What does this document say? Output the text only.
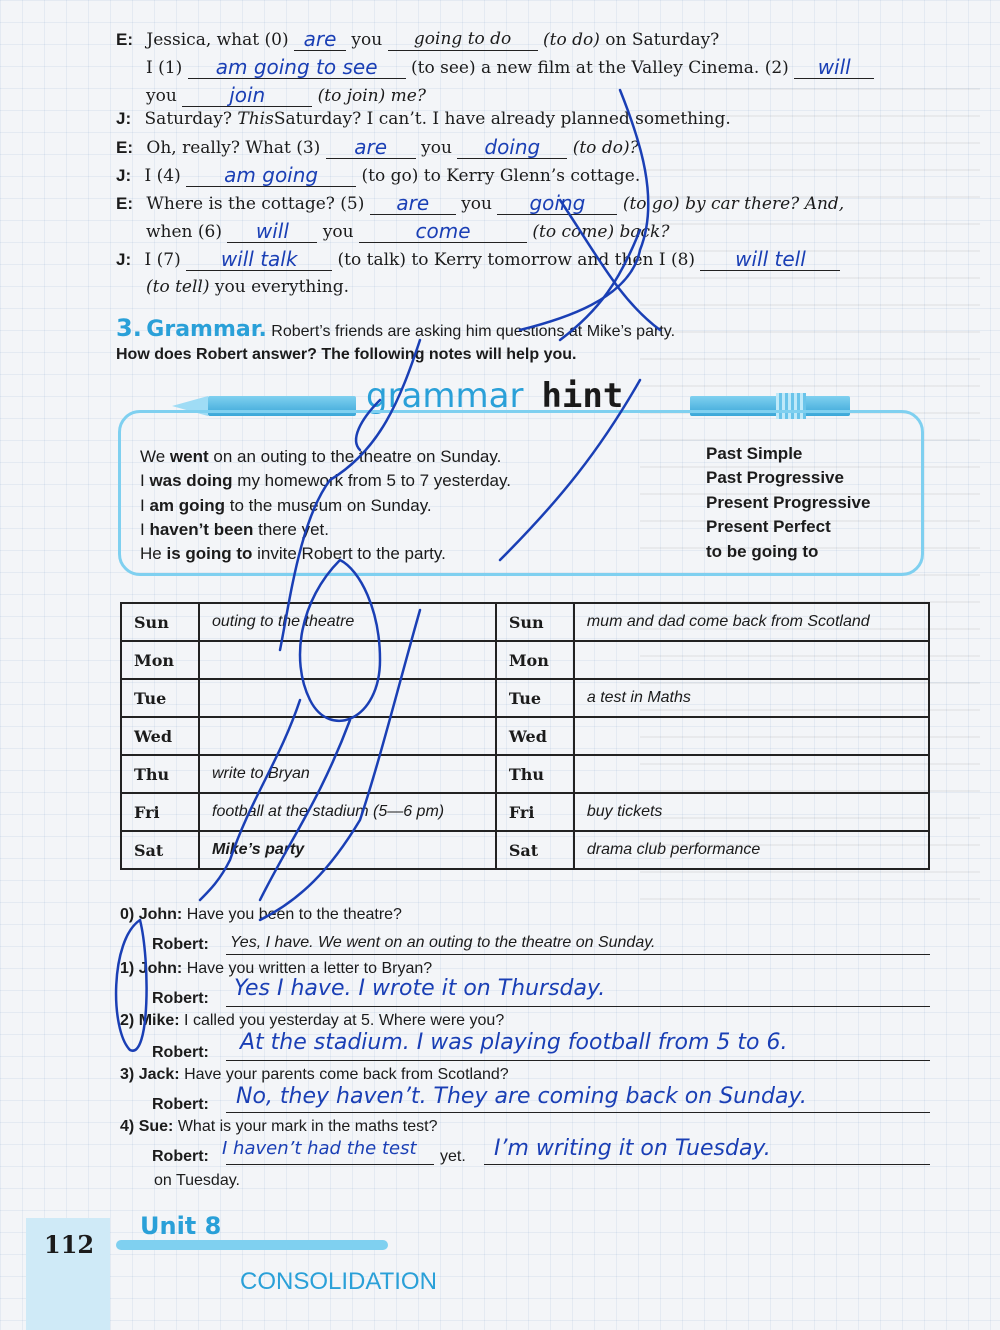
E: Jessica, what (0) are you going to do (to do) on Saturday?
I (1) am going to see (to see) a new film at the Valley Cinema. (2) will
you	join	(to join) me?
J: Saturday? ThisSaturday? I can’t. I have already planned something.
E: Oh, really? What (3) are you doing (to do)?
J: I (4) am going	(to go) to Kerry Glenn’s cottage.
E: Where is the cottage? (5) are you going (to go) by car there? And,
when (6) will you	come	(to come) back?
J: I (7) will talk (to talk) to Kerry tomorrow and then I (8) will tell
(to tell) you everything.
3. Grammar. Robert’s friends are asking him questions at Mike’s party.
How does Robert answer? The following notes will help you.
grammar hint
We went on an outing to the theatre on Sunday.
I was doing my homework from 5 to 7 yesterday.
I am going to the museum on Sunday.
I haven’t been there yet.
He is going to invite Robert to the party.
Past Simple
Past Progressive
Present Progressive
Present Perfect
to be going to
Sun	outing to the theatre	Sun	mum and dad come back from Scotland
Mon		Mon	
Tue		Tue	a test in Maths
Wed		Wed	
Thu	write to Bryan	Thu	
Fri	football at the stadium (5—6 pm)	Fri	buy tickets
Sat	Mike’s party	Sat	drama club performance
0) John: Have you been to the theatre?
Robert: Yes, I have. We went on an outing to the theatre on Sunday.
1) John: Have you written a letter to Bryan?
Robert: Yes I have. I wrote it on Thursday.
2) Mike: I called you yesterday at 5. Where were you?
Robert: At the stadium. I was playing football from 5 to 6.
3) Jack: Have your parents come back from Scotland?
Robert: No, they haven’t. They are coming back on Sunday.
4) Sue: What is your mark in the maths test?
Robert:	yet.
I haven’t had the test	I’m writing it on Tuesday.
on Tuesday.
112
Unit 8
CONSOLIDATION
